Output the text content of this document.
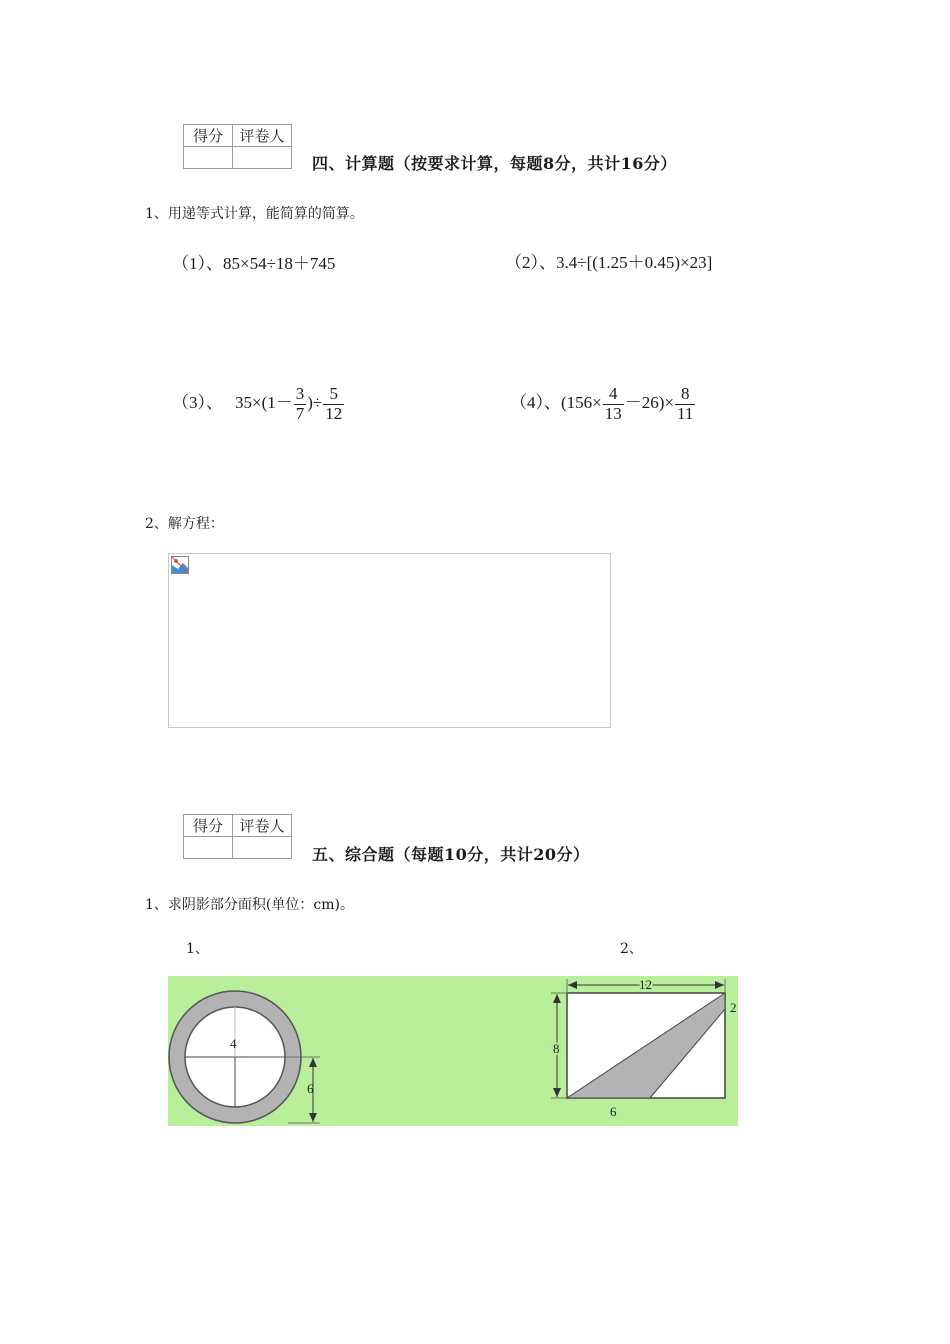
得分	评卷人

四、计算题（按要求计算，每题8分，共计16分）
1、用递等式计算，能简算的简算。
（1）、85×54÷18＋745	（2）、3.4÷[(1.25＋0.45)×23]
（3）、 $35\times(1- \frac{3}{7}$ )÷ $\frac{5}{12}$	（4）、$(156\times \frac{4}{13} -26)\times \frac{8}{11}$
2、解方程：
得分	评卷人

五、综合题（每题10分，共计20分）
1、求阴影部分面积(单位：cm)。
1、	2、
4
6
12
8
2
6
